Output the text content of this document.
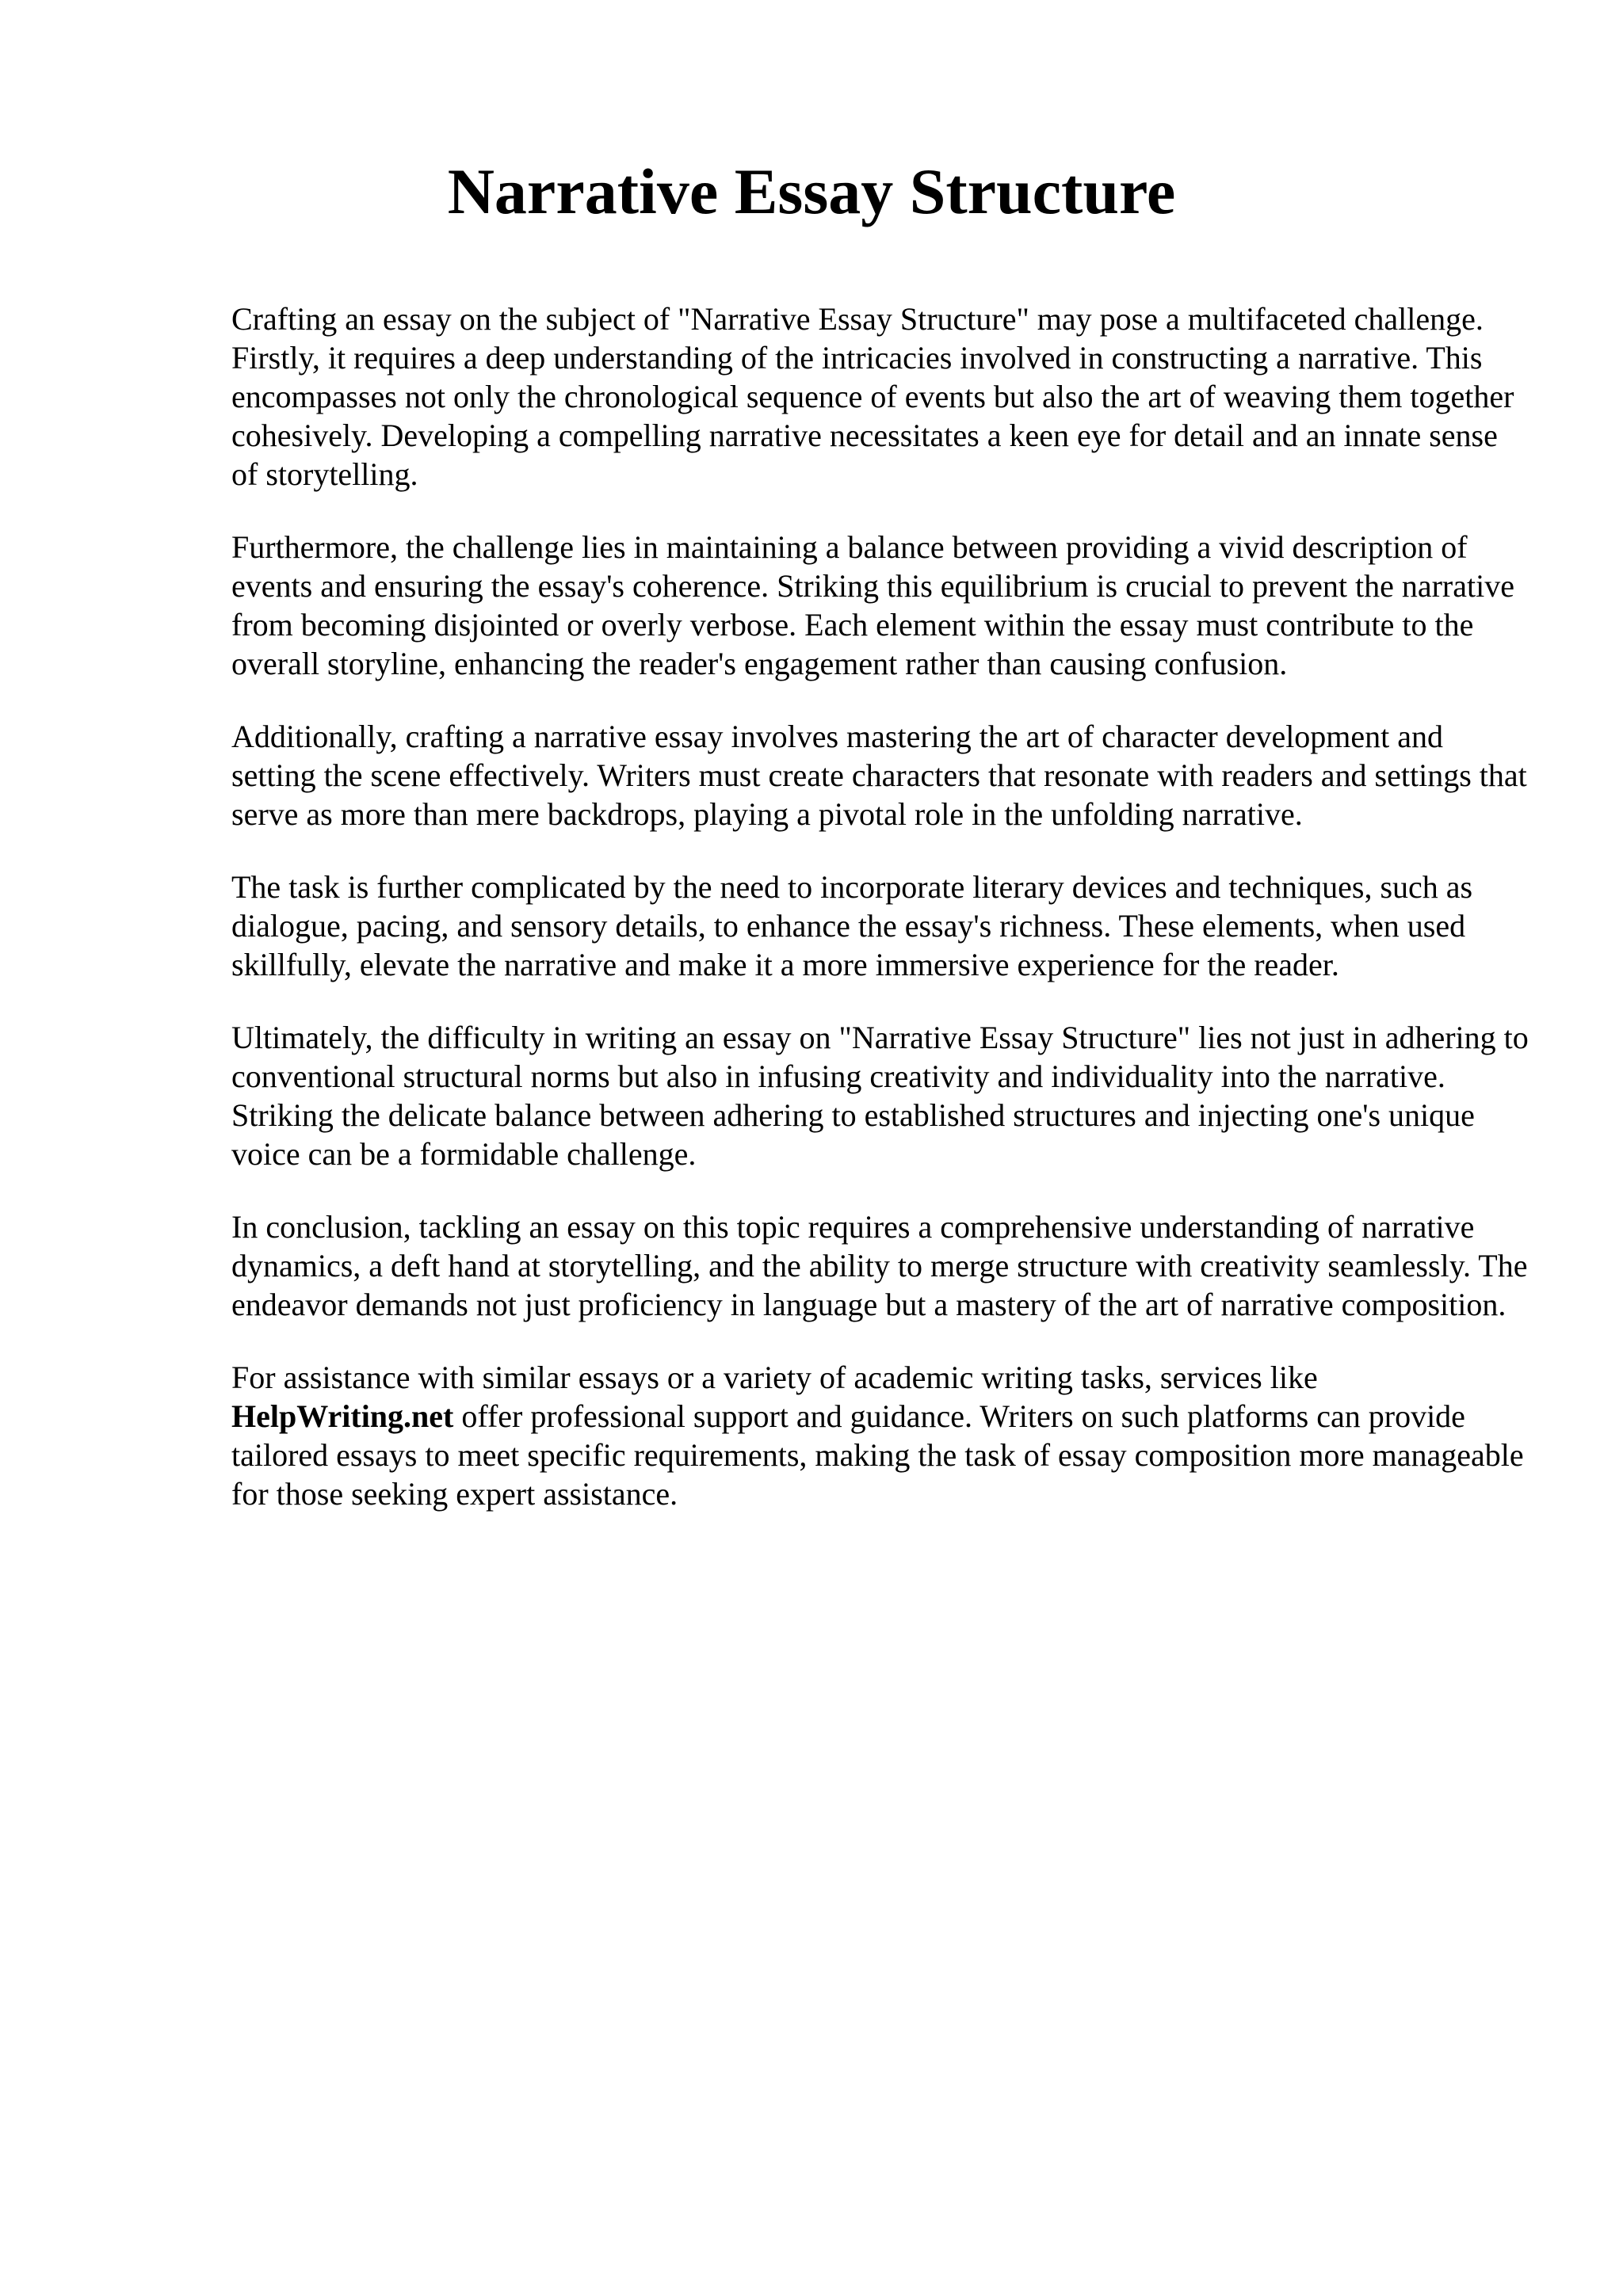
Narrative Essay Structure

Crafting an essay on the subject of "Narrative Essay Structure" may pose a multifaceted challenge. Firstly, it requires a deep understanding of the intricacies involved in constructing a narrative. This encompasses not only the chronological sequence of events but also the art of weaving them together cohesively. Developing a compelling narrative necessitates a keen eye for detail and an innate sense of storytelling.

Furthermore, the challenge lies in maintaining a balance between providing a vivid description of events and ensuring the essay's coherence. Striking this equilibrium is crucial to prevent the narrative from becoming disjointed or overly verbose. Each element within the essay must contribute to the overall storyline, enhancing the reader's engagement rather than causing confusion.

Additionally, crafting a narrative essay involves mastering the art of character development and setting the scene effectively. Writers must create characters that resonate with readers and settings that serve as more than mere backdrops, playing a pivotal role in the unfolding narrative.

The task is further complicated by the need to incorporate literary devices and techniques, such as dialogue, pacing, and sensory details, to enhance the essay's richness. These elements, when used skillfully, elevate the narrative and make it a more immersive experience for the reader.

Ultimately, the difficulty in writing an essay on "Narrative Essay Structure" lies not just in adhering to conventional structural norms but also in infusing creativity and individuality into the narrative. Striking the delicate balance between adhering to established structures and injecting one's unique voice can be a formidable challenge.

In conclusion, tackling an essay on this topic requires a comprehensive understanding of narrative dynamics, a deft hand at storytelling, and the ability to merge structure with creativity seamlessly. The endeavor demands not just proficiency in language but a mastery of the art of narrative composition.

For assistance with similar essays or a variety of academic writing tasks, services like HelpWriting.net offer professional support and guidance. Writers on such platforms can provide tailored essays to meet specific requirements, making the task of essay composition more manageable for those seeking expert assistance.
